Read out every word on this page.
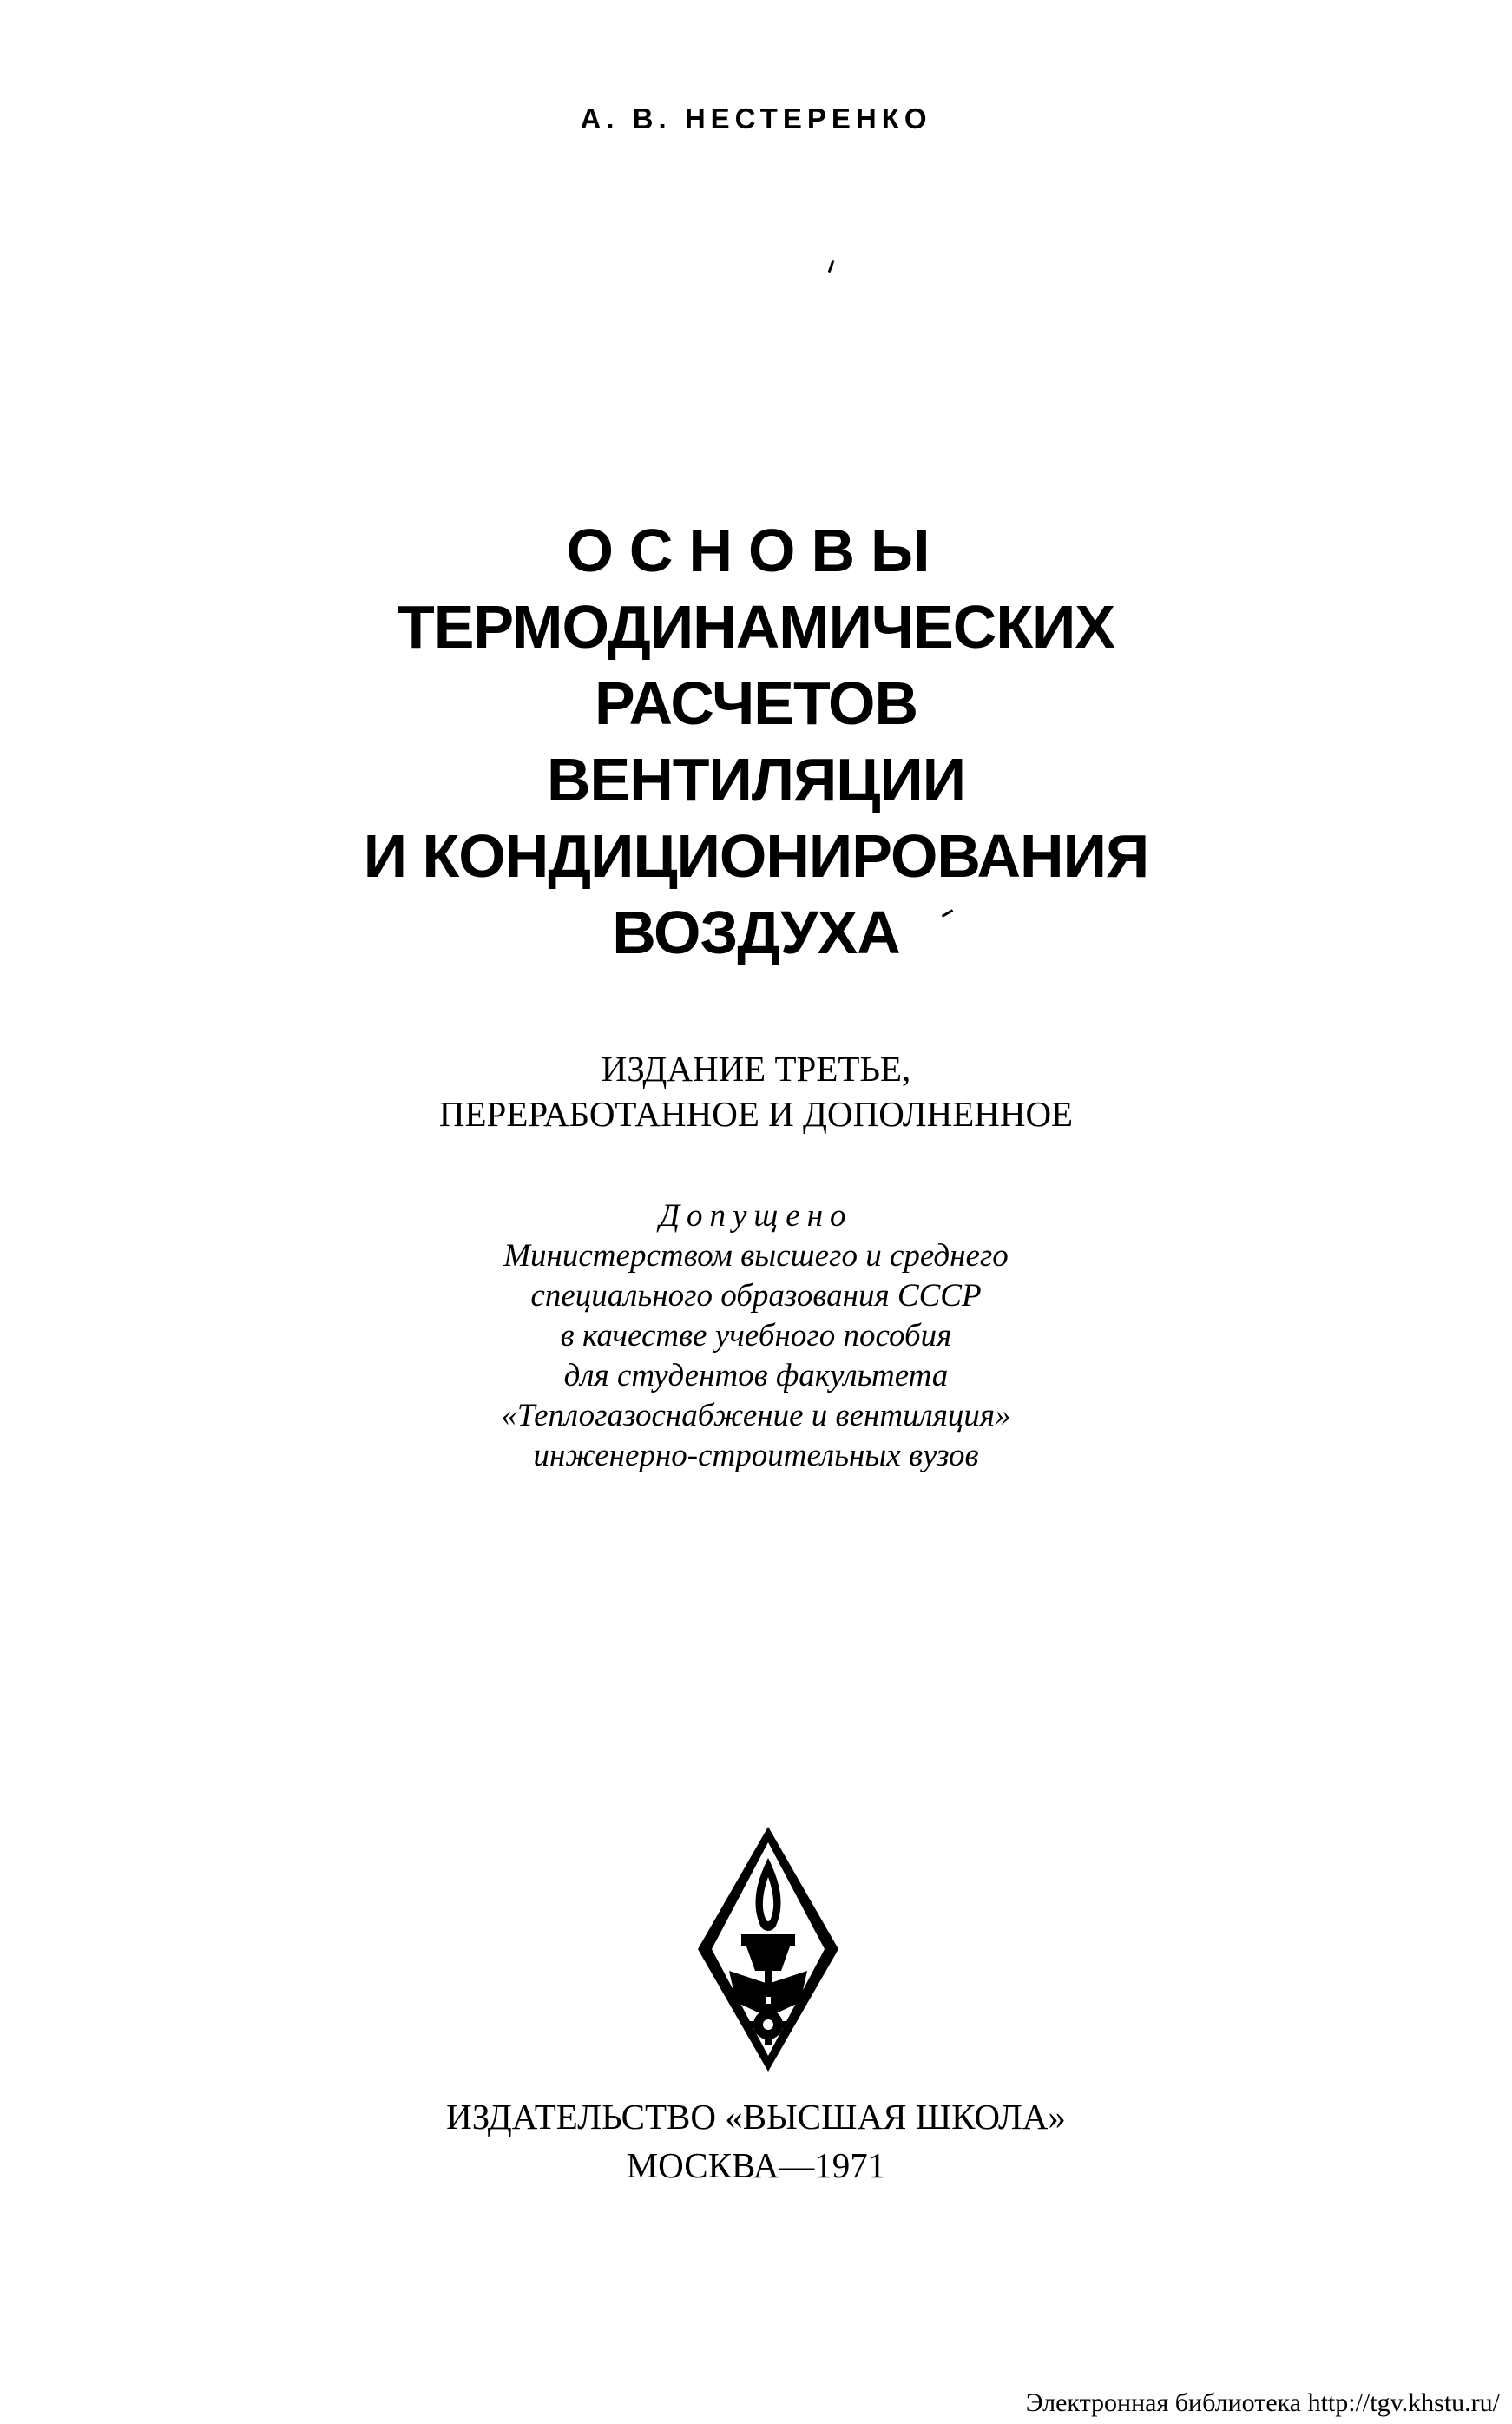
А. В. НЕСТЕРЕНКО
ОСНОВЫ
ТЕРМОДИНАМИЧЕСКИХ
РАСЧЕТОВ
ВЕНТИЛЯЦИИ
И КОНДИЦИОНИРОВАНИЯ
ВОЗДУХА
ИЗДАНИЕ ТРЕТЬЕ,
ПЕРЕРАБОТАННОЕ И ДОПОЛНЕННОЕ
Допущено
Министерством высшего и среднего
специального образования СССР
в качестве учебного пособия
для студентов факультета
«Теплогазоснабжение и вентиляция»
инженерно-строительных вузов
ИЗДАТЕЛЬСТВО «ВЫСШАЯ ШКОЛА»
МОСКВА—1971
Электронная библиотека http://tgv.khstu.ru/
